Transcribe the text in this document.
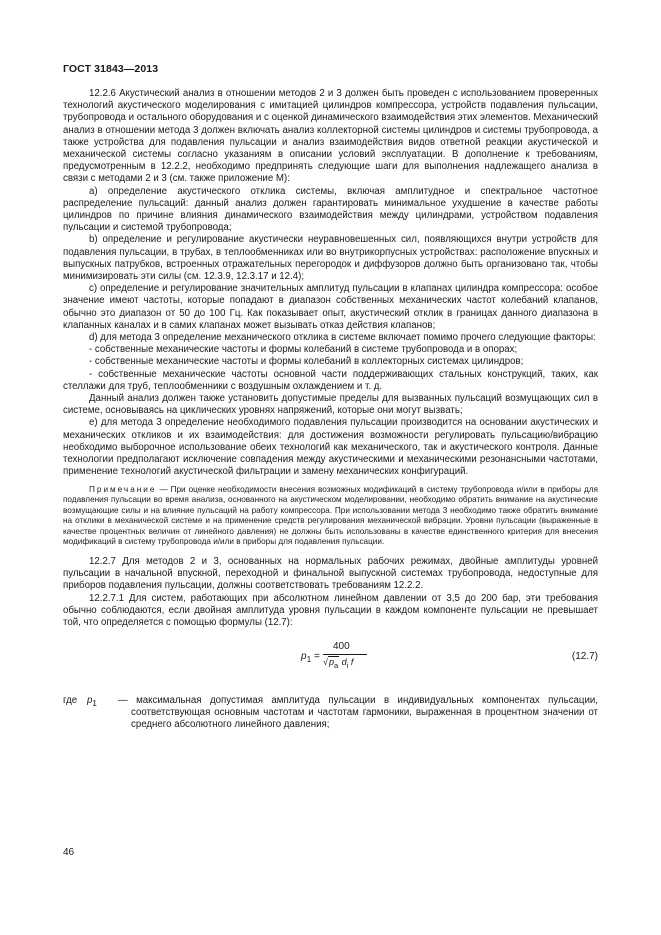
ГОСТ 31843—2013

12.2.6 Акустический анализ в отношении методов 2 и 3 должен быть проведен с использованием проверенных технологий акустического моделирования с имитацией цилиндров компрессора, устройств подавления пульсации, трубопровода и остального оборудования и с оценкой динамического взаимодействия этих элементов. Механический анализ в отношении метода 3 должен включать анализ коллекторной системы цилиндров и системы трубопровода, а также устройства для подавления пульсации и анализ взаимодействия видов ответной реакции акустической и механической системы согласно указаниям в описании условий эксплуатации. В дополнение к требованиям, предусмотренным в 12.2.2, необходимо предпринять следующие шаги для выполнения надлежащего анализа в связи с методами 2 и 3 (см. также приложение М):

a) определение акустического отклика системы, включая амплитудное и спектральное частотное распределение пульсаций: данный анализ должен гарантировать минимальное ухудшение в качестве работы цилиндров по причине влияния динамического взаимодействия между цилиндрами, устройством подавления пульсации и системой трубопровода;

b) определение и регулирование акустически неуравновешенных сил, появляющихся внутри устройств для подавления пульсации, в трубах, в теплообменниках или во внутрикорпусных устройствах: расположение впускных и выпускных патрубков, встроенных отражательных перегородок и диффузоров должно быть организовано так, чтобы минимизировать эти силы (см. 12.3.9, 12.3.17 и 12.4);

c) определение и регулирование значительных амплитуд пульсации в клапанах цилиндра компрессора: особое значение имеют частоты, которые попадают в диапазон собственных механических частот колебаний клапанов, обычно это диапазон от 50 до 100 Гц. Как показывает опыт, акустический отклик в границах данного диапазона в клапанных каналах и в самих клапанах может вызывать отказ действия клапанов;

d) для метода 3 определение механического отклика в системе включает помимо прочего следующие факторы:

- собственные механические частоты и формы колебаний в системе трубопровода и в опорах;

- собственные механические частоты и формы колебаний в коллекторных системах цилиндров;

- собственные механические частоты основной части поддерживающих стальных конструкций, таких, как стеллажи для труб, теплообменники с воздушным охлаждением и т. д.

Данный анализ должен также установить допустимые пределы для вызванных пульсаций возмущающих сил в системе, основываясь на циклических уровнях напряжений, которые они могут вызвать;

e) для метода 3 определение необходимого подавления пульсации производится на основании акустических и механических откликов и их взаимодействия: для достижения возможности регулировать пульсацию/вибрацию необходимо выборочное использование обеих технологий как механического, так и акустического контроля. Данные технологии предполагают исключение совпадения между акустическими и механическими резонансными частотами, применение технологий акустической фильтрации и замену механических конфигураций.

Примечание — При оценке необходимости внесения возможных модификаций в систему трубопровода и/или в приборы для подавления пульсации во время анализа, основанного на акустическом моделировании, необходимо обратить внимание на акустические возмущающие силы и на влияние пульсаций на работу компрессора. При использовании метода 3 необходимо также обратить внимание на отклики в механической системе и на применение средств регулирования механической вибрации. Уровни пульсации (выраженные в качестве процентных величин от линейного давления) не должны быть использованы в качестве единственного критерия для внесения модификаций в систему трубопровода и/или в приборы для подавления пульсации.

12.2.7 Для методов 2 и 3, основанных на нормальных рабочих режимах, двойные амплитуды уровней пульсации в начальной впускной, переходной и финальной выпускной системах трубопровода, недоступные для приборов подавления пульсации, должны соответствовать требованиям 12.2.2.

12.2.7.1 Для систем, работающих при абсолютном линейном давлении от 3,5 до 200 бар, эти требования обычно соблюдаются, если двойная амплитуда уровня пульсации в каждом компоненте пульсации не превышает той, что определяется с помощью формулы (12.7):

$p_1$ =
400
$√p_a$ $d_i$ f	(12.7)
где $p_1$ — максимальная допустимая амплитуда пульсации в индивидуальных компонентах пульсации, соответствующая основным частотам и частотам гармоники, выраженная в процентном значении от среднего абсолютного линейного давления;

46
